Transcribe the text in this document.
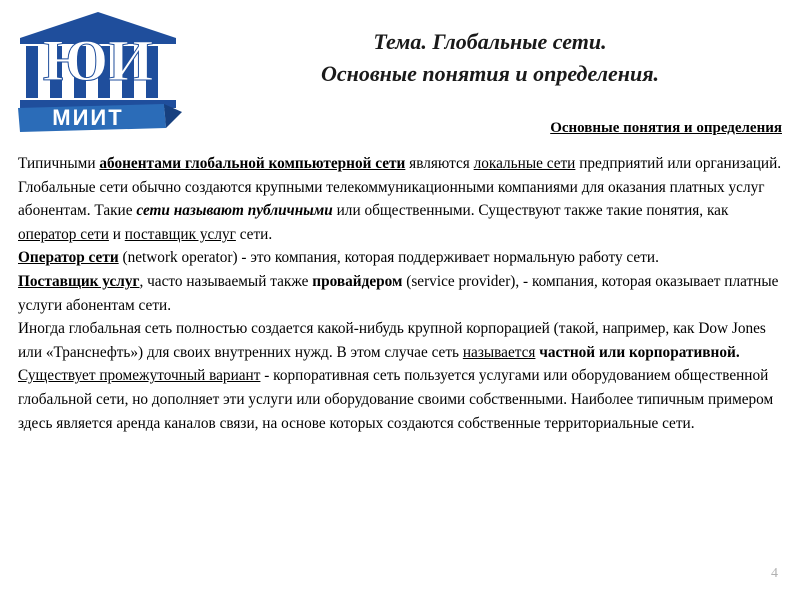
ЮИ
МИИТ
Тема. Глобальные сети.
Основные понятия и определения.
Основные понятия и определения

Типичными абонентами глобальной компьютерной сети являются локальные сети предприятий или организаций.

Глобальные сети обычно создаются крупными телекоммуникационными компаниями для оказания платных услуг абонентам. Такие сети называют публичными или общественными. Существуют также такие понятия, как оператор сети и поставщик услуг сети.

Оператор сети (network operator) - это компания, которая поддерживает нормальную работу сети.

Поставщик услуг, часто называемый также провайдером (service provider), - компания, которая оказывает платные услуги абонентам сети.

Иногда глобальная сеть полностью создается какой-нибудь крупной корпорацией (такой, например, как Dow Jones или «Транснефть») для своих внутренних нужд. В этом случае сеть называется частной или корпоративной.

Существует промежуточный вариант - корпоративная сеть пользуется услугами или оборудованием общественной глобальной сети, но дополняет эти услуги или оборудование своими собственными. Наиболее типичным примером здесь является аренда каналов связи, на основе которых создаются собственные территориальные сети.

4
